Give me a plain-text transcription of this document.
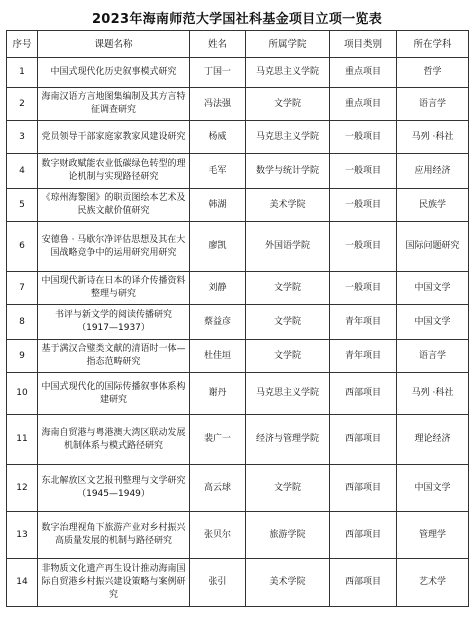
2023年海南师范大学国社科基金项目立项一览表
序号	课题名称	姓名	所属学院	项目类别	所在学科
1	中国式现代化历史叙事模式研究	丁国一	马克思主义学院	重点项目	哲学
2	海南汉语方言地图集编制及其方言特征调查研究	冯法强	文学院	重点项目	语言学
3	党员领导干部家庭家教家风建设研究	杨威	马克思主义学院	一般项目	马列 ·科社
4	数字财政赋能农业低碳绿色转型的理论机制与实现路径研究	毛军	数学与统计学院	一般项目	应用经济
5	《琼州海黎图》的职贡图绘本艺术及民族文献价值研究	韩湖	美术学院	一般项目	民族学
6	安德鲁 · 马歇尔净评估思想及其在大国战略竞争中的运用研究用研究	廖凯	外国语学院	一般项目	国际问题研究
7	中国现代新诗在日本的译介传播资料整理与研究	刘静	文学院	一般项目	中国文学
8	书评与新文学的阅读传播研究（1917—1937）	蔡益彦	文学院	青年项目	中国文学
9	基于满汉合璧类文献的清语时一体—指态范畴研究	杜佳垣	文学院	青年项目	语言学
10	中国式现代化的国际传播叙事体系构建研究	谢丹	马克思主义学院	西部项目	马列 ·科社
11	海南自贸港与粤港澳大湾区联动发展机制体系与模式路径研究	裴广一	经济与管理学院	西部项目	理论经济
12	东北解放区文艺报刊整理与文学研究（1945—1949）	高云球	文学院	西部项目	中国文学
13	数字治理视角下旅游产业对乡村振兴高质量发展的机制与路径研究	张贝尔	旅游学院	西部项目	管理学
14	非物质文化遗产再生设计推动海南国际自贸港乡村振兴建设策略与案例研究	张引	美术学院	西部项目	艺术学
